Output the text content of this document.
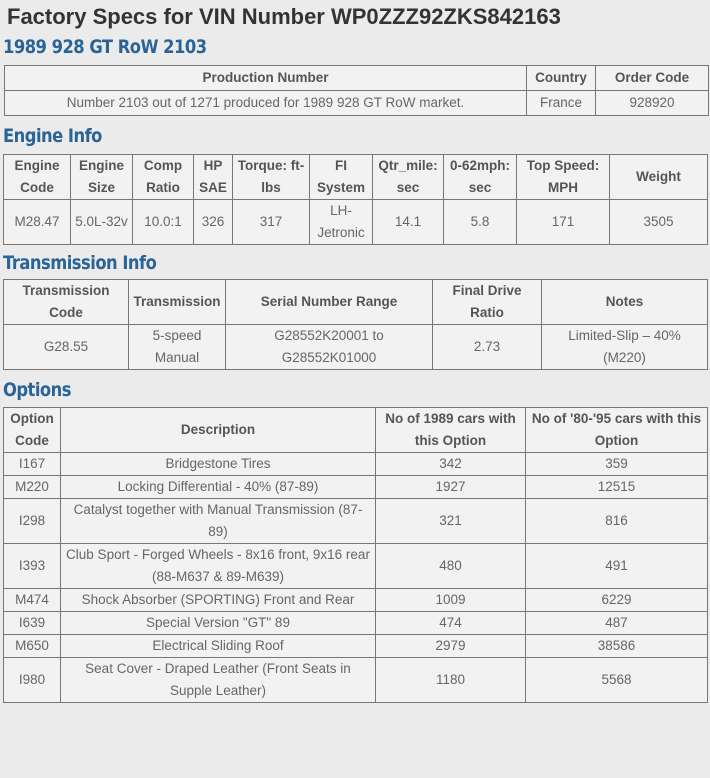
Factory Specs for VIN Number WP0ZZZ92ZKS842163
1989 928 GT RoW 2103
Production Number	Country	Order Code
Number 2103 out of 1271 produced for 1989 928 GT RoW market.	France	928920
Engine Info
Engine Code	Engine Size	Comp Ratio	HP SAE	Torque: ft-lbs	FI System	Qtr_mile: sec	0-62mph: sec	Top Speed: MPH	Weight
M28.47	5.0L-32v	10.0:1	326	317	LH-Jetronic	14.1	5.8	171	3505
Transmission Info
Transmission Code	Transmission	Serial Number Range	Final Drive Ratio	Notes
G28.55	5-speed Manual	G28552K20001 to G28552K01000	2.73	Limited-Slip – 40% (M220)
Options
Option Code	Description	No of 1989 cars with this Option	No of '80-'95 cars with this Option
I167	Bridgestone Tires	342	359
M220	Locking Differential - 40% (87-89)	1927	12515
I298	Catalyst together with Manual Transmission (87-89)	321	816
I393	Club Sport - Forged Wheels - 8x16 front, 9x16 rear (88-M637 & 89-M639)	480	491
M474	Shock Absorber (SPORTING) Front and Rear	1009	6229
I639	Special Version "GT" 89	474	487
M650	Electrical Sliding Roof	2979	38586
I980	Seat Cover - Draped Leather (Front Seats in Supple Leather)	1180	5568
